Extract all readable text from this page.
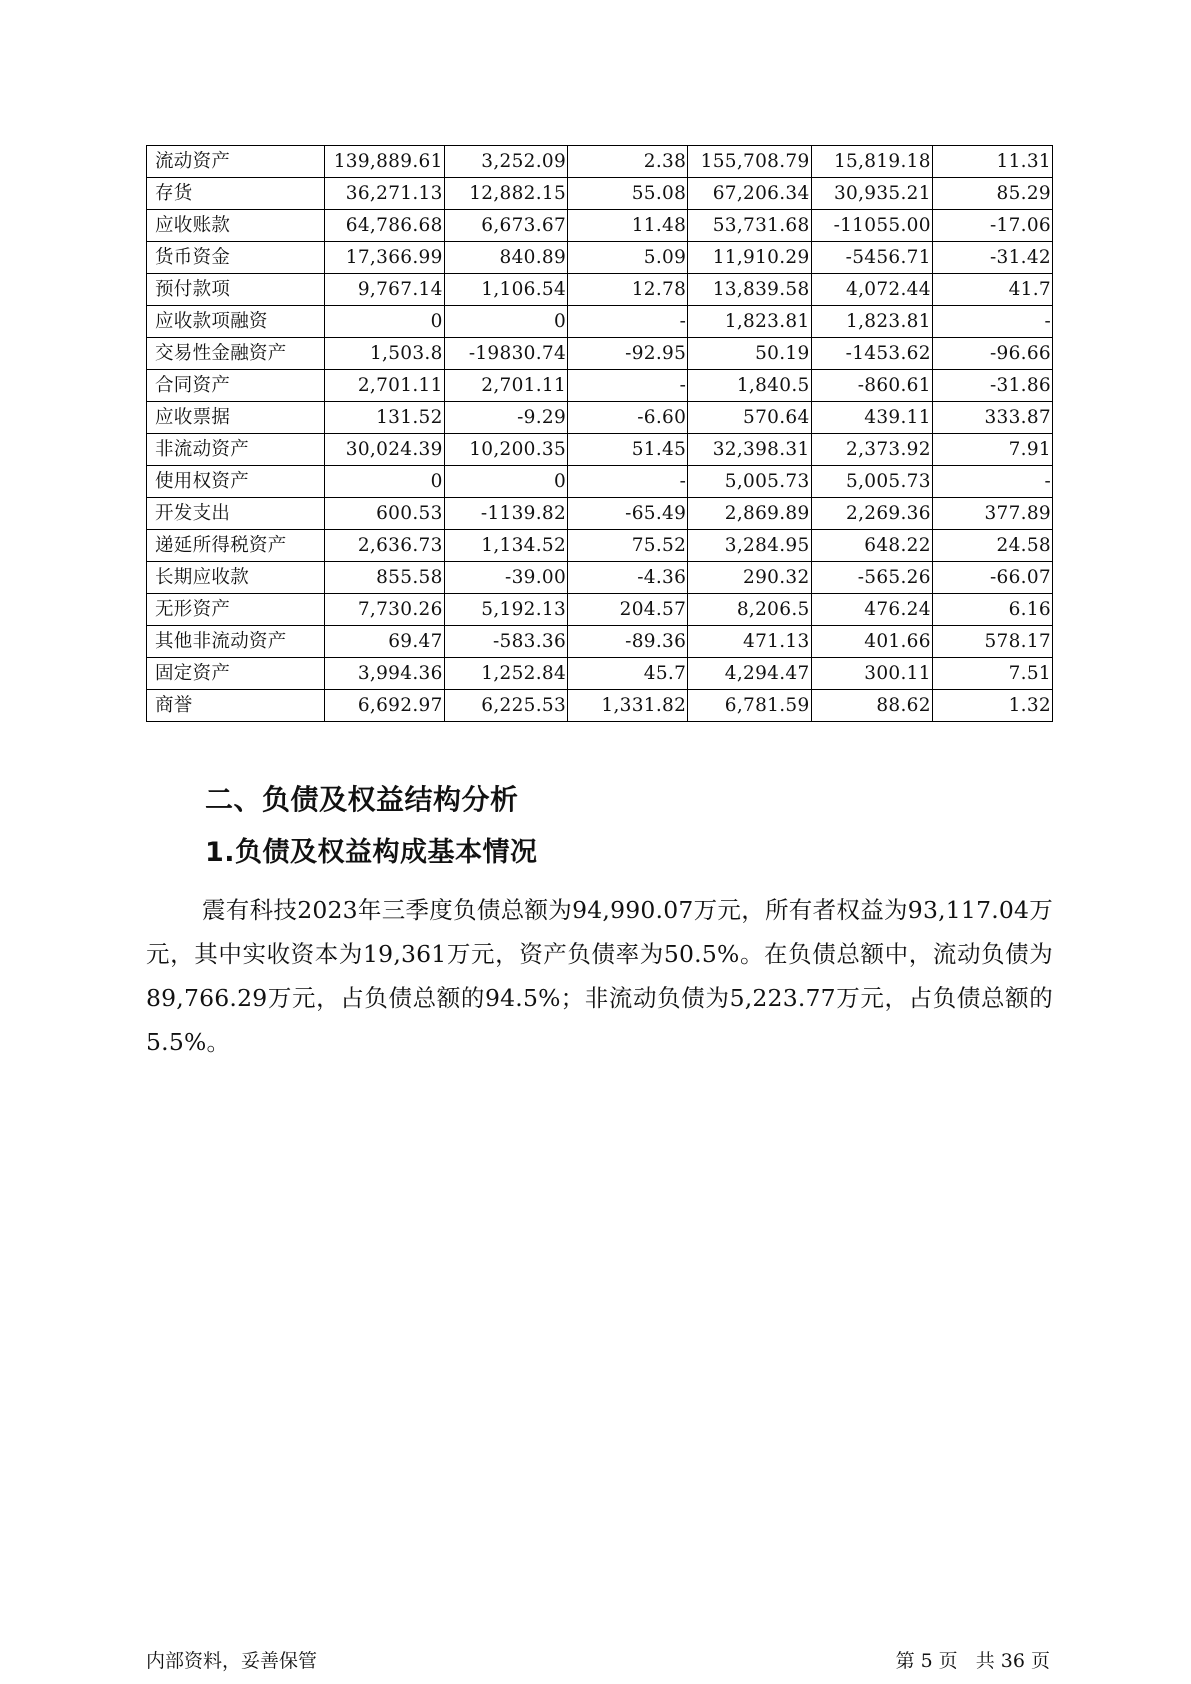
流动资产	139,889.61	3,252.09	2.38	155,708.79	15,819.18	11.31
存货	36,271.13	12,882.15	55.08	67,206.34	30,935.21	85.29
应收账款	64,786.68	6,673.67	11.48	53,731.68	-11055.00	-17.06
货币资金	17,366.99	840.89	5.09	11,910.29	-5456.71	-31.42
预付款项	9,767.14	1,106.54	12.78	13,839.58	4,072.44	41.7
应收款项融资	0	0	-	1,823.81	1,823.81	-
交易性金融资产	1,503.8	-19830.74	-92.95	50.19	-1453.62	-96.66
合同资产	2,701.11	2,701.11	-	1,840.5	-860.61	-31.86
应收票据	131.52	-9.29	-6.60	570.64	439.11	333.87
非流动资产	30,024.39	10,200.35	51.45	32,398.31	2,373.92	7.91
使用权资产	0	0	-	5,005.73	5,005.73	-
开发支出	600.53	-1139.82	-65.49	2,869.89	2,269.36	377.89
递延所得税资产	2,636.73	1,134.52	75.52	3,284.95	648.22	24.58
长期应收款	855.58	-39.00	-4.36	290.32	-565.26	-66.07
无形资产	7,730.26	5,192.13	204.57	8,206.5	476.24	6.16
其他非流动资产	69.47	-583.36	-89.36	471.13	401.66	578.17
固定资产	3,994.36	1,252.84	45.7	4,294.47	300.11	7.51
商誉	6,692.97	6,225.53	1,331.82	6,781.59	88.62	1.32
二、负债及权益结构分析
1.负债及权益构成基本情况
震有科技2023年三季度负债总额为94,990.07万元，所有者权益为93,117.04万元，其中实收资本为19,361万元，资产负债率为50.5%。在负债总额中，流动负债为89,766.29万元，占负债总额的94.5%；非流动负债为5,223.77万元，占负债总额的5.5%。
内部资料，妥善保管	第 5 页 共 36 页
